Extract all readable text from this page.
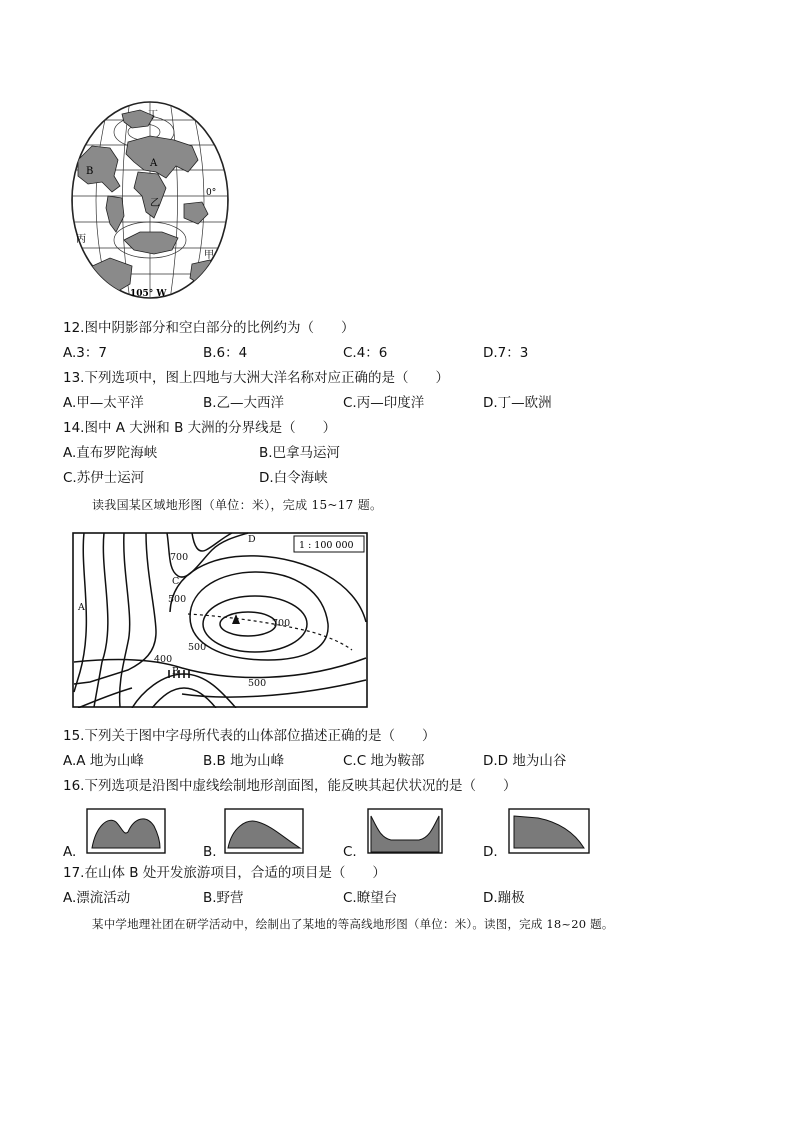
丁
A
B
乙
丙
甲
0°
105° W
12.图中阴影部分和空白部分的比例约为（　　）
A.3：7	B.6：4	C.4：6	D.7：3
13.下列选项中，图上四地与大洲大洋名称对应正确的是（　　）
A.甲—太平洋	B.乙—大西洋	C.丙—印度洋	D.丁—欧洲
14.图中 A 大洲和 B 大洲的分界线是（　　）
A.直布罗陀海峡	B.巴拿马运河
C.苏伊士运河	D.白令海峡
读我国某区域地形图（单位：米），完成 15~17 题。
1 : 100 000
A
B
C
D
700
500
700
500
400
500
15.下列关于图中字母所代表的山体部位描述正确的是（　　）
A.A 地为山峰	B.B 地为山峰	C.C 地为鞍部	D.D 地为山谷
16.下列选项是沿图中虚线绘制地形剖面图，能反映其起伏状况的是（　　）
A.	B.	C.	D.
17.在山体 B 处开发旅游项目，合适的项目是（　　）
A.漂流活动	B.野营	C.瞭望台	D.蹦极
某中学地理社团在研学活动中，绘制出了某地的等高线地形图（单位：米）。读图，完成 18~20 题。
